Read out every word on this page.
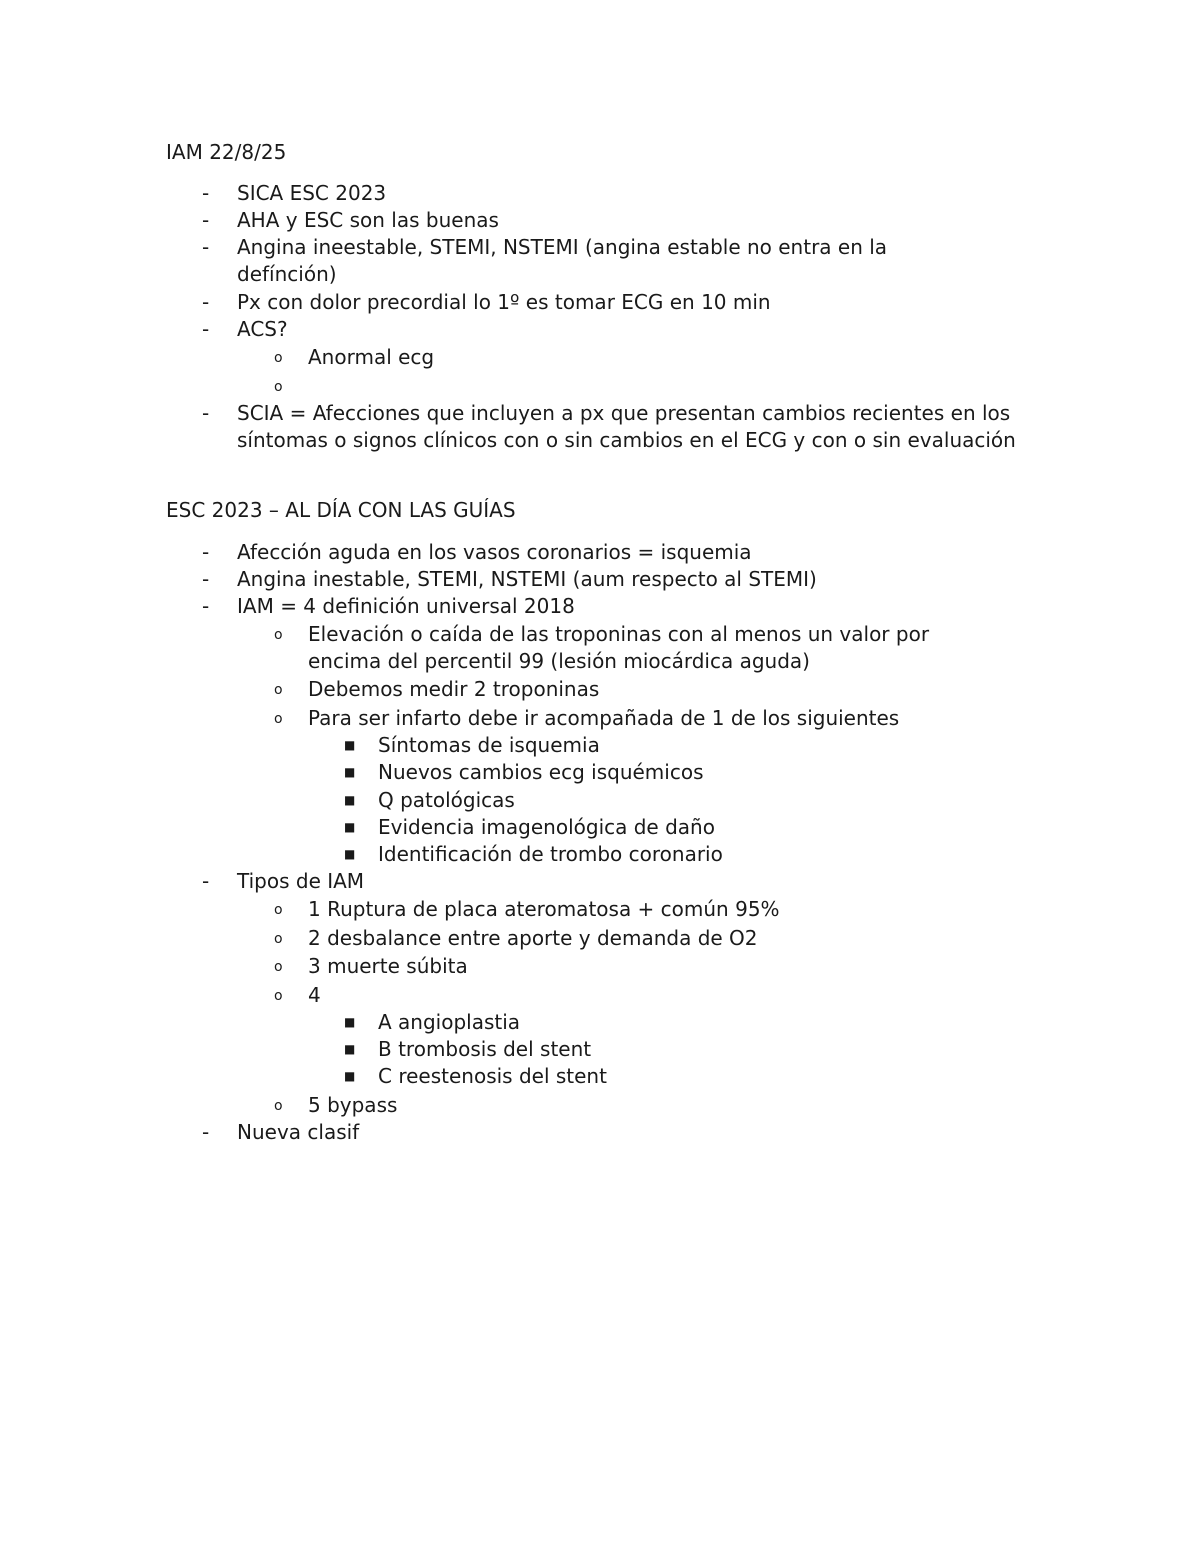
IAM 22/8/25
- SICA ESC 2023
- AHA y ESC son las buenas
- Angina ineestable, STEMI, NSTEMI (angina estable no entra en la defínción)
- Px con dolor precordial lo 1º es tomar ECG en 10 min
- ACS?
o Anormal ecg
o
- SCIA = Afecciones que incluyen a px que presentan cambios recientes en los síntomas o signos clínicos con o sin cambios en el ECG y con o sin evaluación
ESC 2023 – AL DÍA CON LAS GUÍAS
- Afección aguda en los vasos coronarios = isquemia
- Angina inestable, STEMI, NSTEMI (aum respecto al STEMI)
- IAM = 4 definición universal 2018
o Elevación o caída de las troponinas con al menos un valor por encima del percentil 99 (lesión miocárdica aguda)
o Debemos medir 2 troponinas
o Para ser infarto debe ir acompañada de 1 de los siguientes
■ Síntomas de isquemia
■ Nuevos cambios ecg isquémicos
■ Q patológicas
■ Evidencia imagenológica de daño
■ Identificación de trombo coronario
- Tipos de IAM
o 1 Ruptura de placa ateromatosa + común 95%
o 2 desbalance entre aporte y demanda de O2
o 3 muerte súbita
o 4
■ A angioplastia
■ B trombosis del stent
■ C reestenosis del stent
o 5 bypass
- Nueva clasif
